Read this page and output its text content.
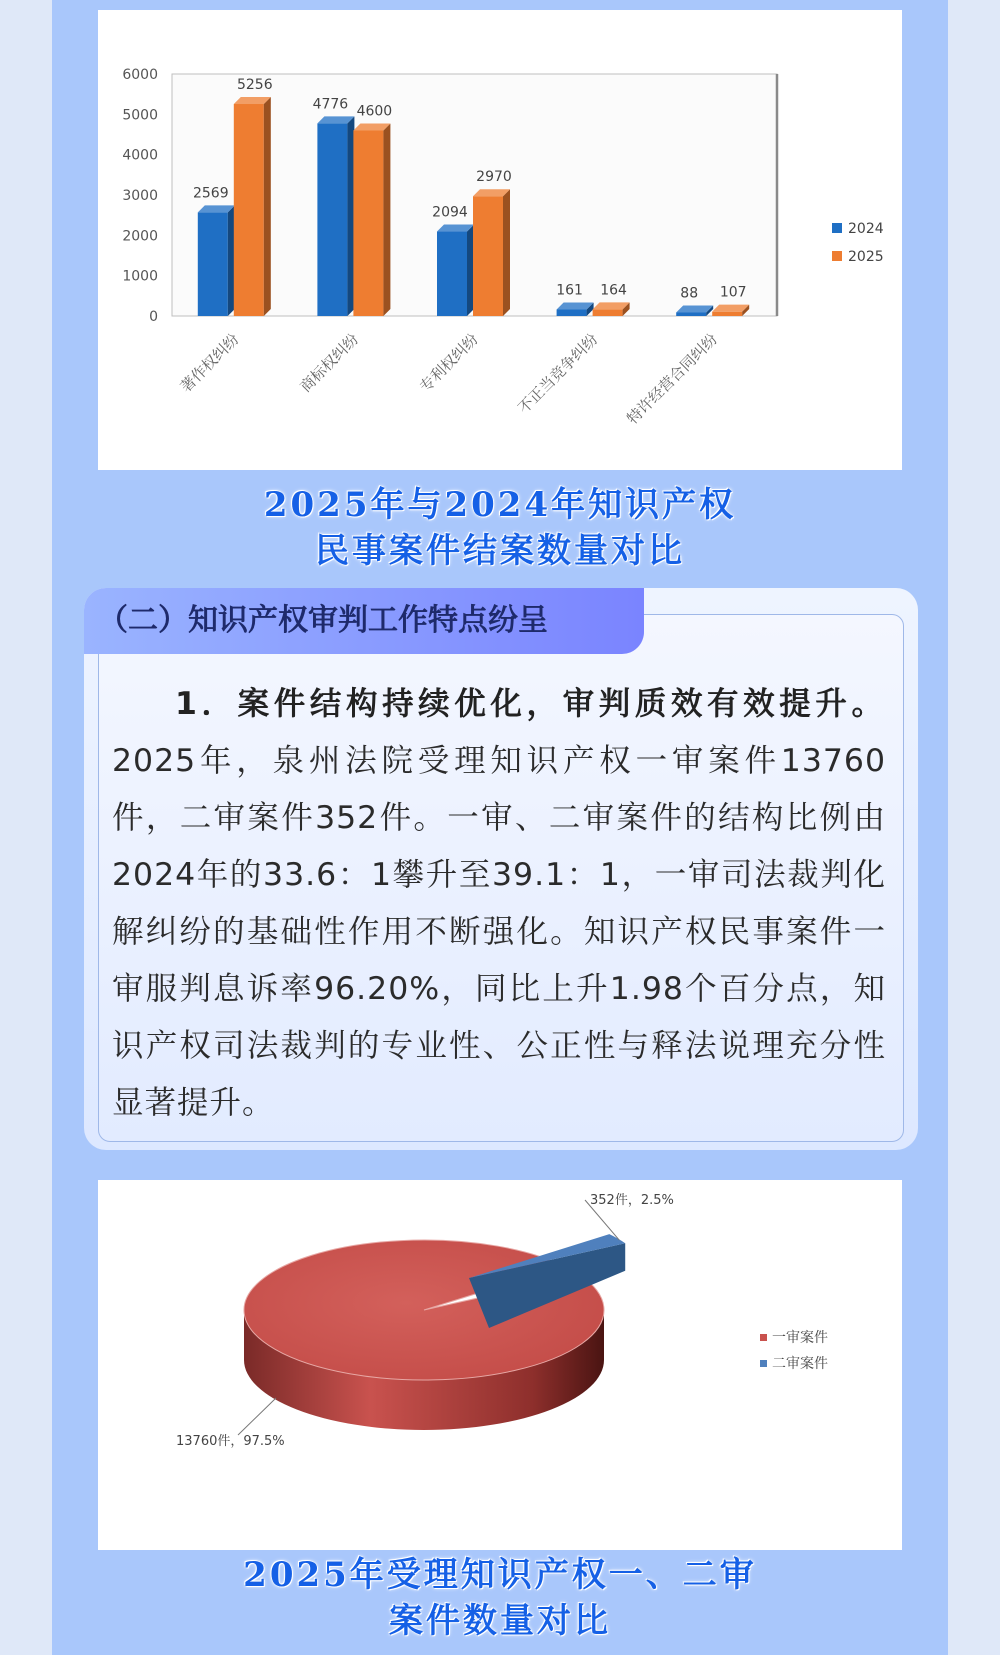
6000
5000
4000
3000
2000
1000
0
2569
5256
著作权纠纷
4776 4600
商标权纠纷
2094
2970
专利权纠纷
161 164
不正当竞争纠纷
88 107
特许经营合同纠纷
2024
2025
2025年与2024年知识产权
民事案件结案数量对比
（二）知识产权审判工作特点纷呈
1．案件结构持续优化，审判质效有效提升。2025年，泉州法院受理知识产权一审案件13760件，二审案件352件。一审、二审案件的结构比例由2024年的33.6：1攀升至39.1：1，一审司法裁判化解纠纷的基础性作用不断强化。知识产权民事案件一审服判息诉率96.20%，同比上升1.98个百分点，知识产权司法裁判的专业性、公正性与释法说理充分性显著提升。
352件，2.5%
13760件，97.5%
一审案件
二审案件
2025年受理知识产权一、二审
案件数量对比
